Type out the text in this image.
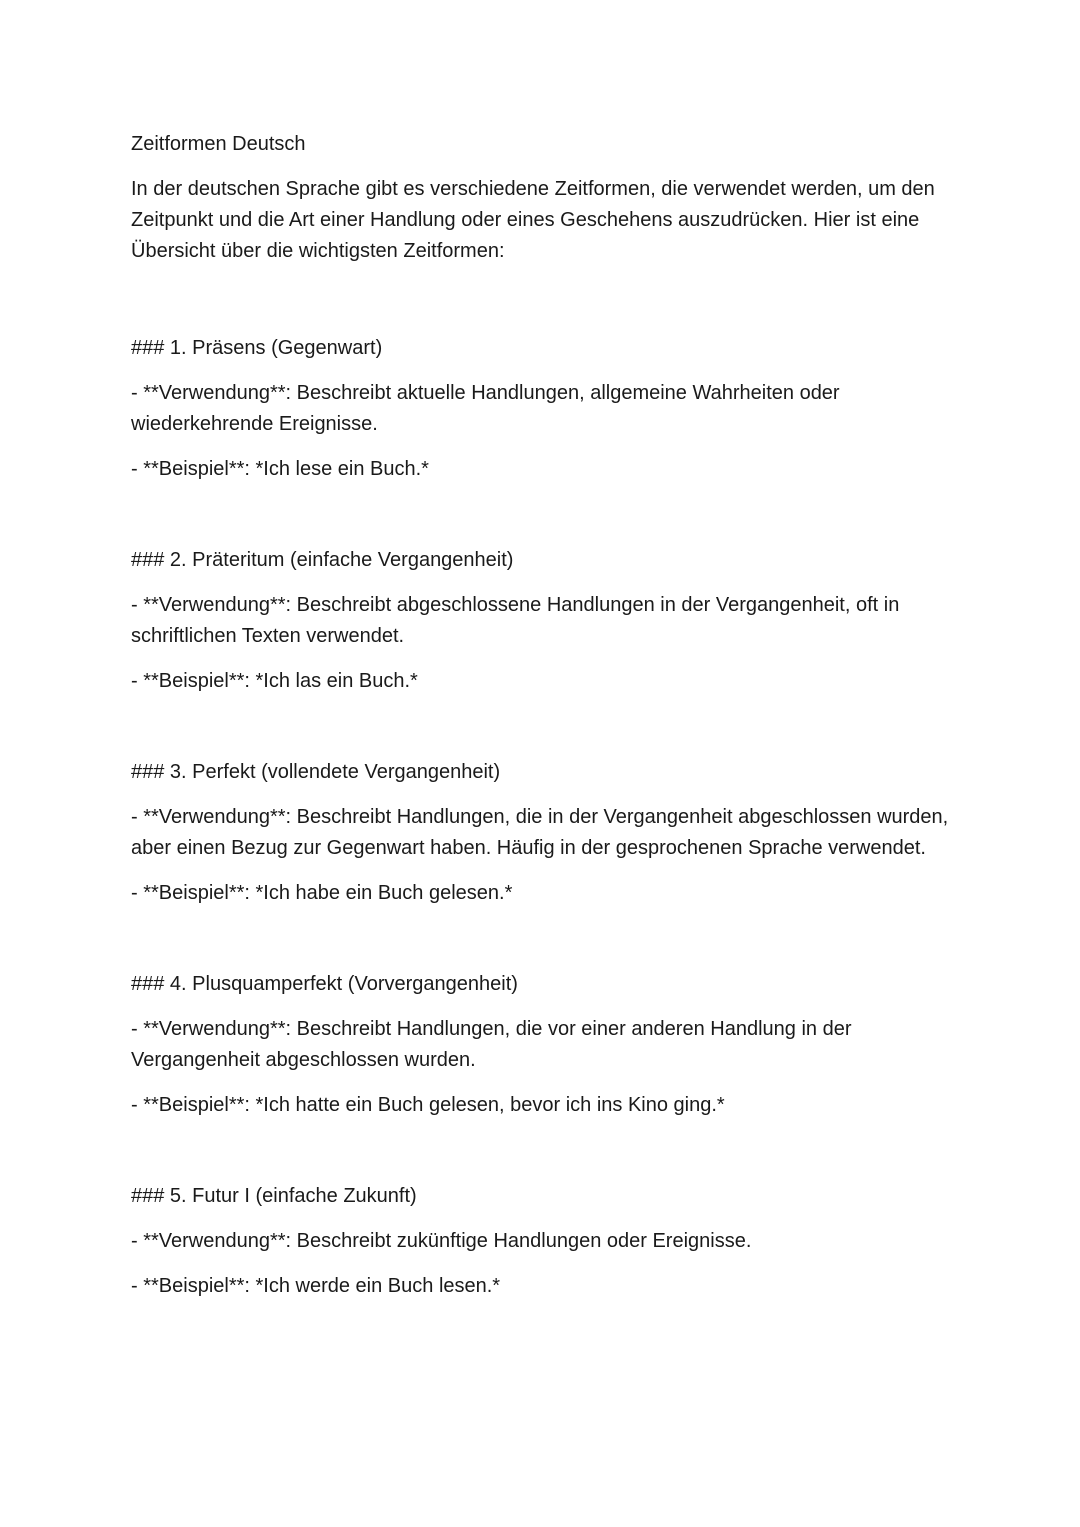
Zeitformen Deutsch

In der deutschen Sprache gibt es verschiedene Zeitformen, die verwendet werden, um den Zeitpunkt und die Art einer Handlung oder eines Geschehens auszudrücken. Hier ist eine Übersicht über die wichtigsten Zeitformen:

### 1. Präsens (Gegenwart)

- **Verwendung**: Beschreibt aktuelle Handlungen, allgemeine Wahrheiten oder wiederkehrende Ereignisse.

- **Beispiel**: *Ich lese ein Buch.*

### 2. Präteritum (einfache Vergangenheit)

- **Verwendung**: Beschreibt abgeschlossene Handlungen in der Vergangenheit, oft in schriftlichen Texten verwendet.

- **Beispiel**: *Ich las ein Buch.*

### 3. Perfekt (vollendete Vergangenheit)

- **Verwendung**: Beschreibt Handlungen, die in der Vergangenheit abgeschlossen wurden, aber einen Bezug zur Gegenwart haben. Häufig in der gesprochenen Sprache verwendet.

- **Beispiel**: *Ich habe ein Buch gelesen.*

### 4. Plusquamperfekt (Vorvergangenheit)

- **Verwendung**: Beschreibt Handlungen, die vor einer anderen Handlung in der Vergangenheit abgeschlossen wurden.

- **Beispiel**: *Ich hatte ein Buch gelesen, bevor ich ins Kino ging.*

### 5. Futur I (einfache Zukunft)

- **Verwendung**: Beschreibt zukünftige Handlungen oder Ereignisse.

- **Beispiel**: *Ich werde ein Buch lesen.*
